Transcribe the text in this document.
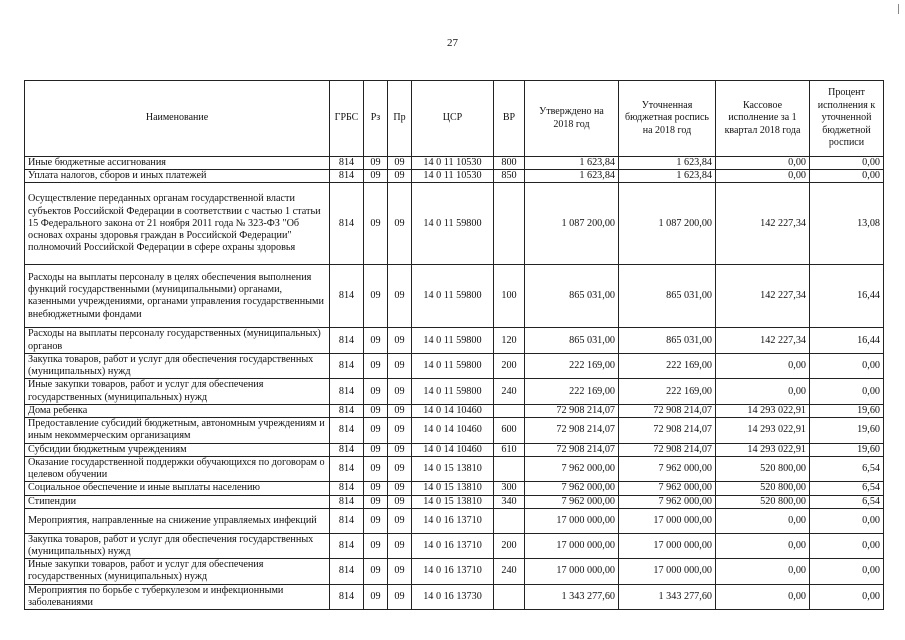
27
Наименование	ГРБС	Рз	Пр	ЦСР	ВР	Утверждено на 2018 год	Уточненная бюджетная роспись на 2018 год	Кассовое исполнение за 1 квартал 2018 года	Процент исполнения к уточненной бюджетной росписи
Иные бюджетные ассигнования	814	09	09	14 0 11 10530	800	1 623,84	1 623,84	0,00	0,00
Уплата налогов, сборов и иных платежей	814	09	09	14 0 11 10530	850	1 623,84	1 623,84	0,00	0,00
Осуществление переданных органам государственной власти субъектов Российской Федерации в соответствии с частью 1 статьи 15 Федерального закона от 21 ноября 2011 года № 323-ФЗ "Об основах охраны здоровья граждан в Российской Федерации" полномочий Российской Федерации в сфере охраны здоровья	814	09	09	14 0 11 59800		1 087 200,00	1 087 200,00	142 227,34	13,08
Расходы на выплаты персоналу в целях обеспечения выполнения функций государственными (муниципальными) органами, казенными учреждениями, органами управления государственными внебюджетными фондами	814	09	09	14 0 11 59800	100	865 031,00	865 031,00	142 227,34	16,44
Расходы на выплаты персоналу государственных (муниципальных) органов	814	09	09	14 0 11 59800	120	865 031,00	865 031,00	142 227,34	16,44
Закупка товаров, работ и услуг для обеспечения государственных (муниципальных) нужд	814	09	09	14 0 11 59800	200	222 169,00	222 169,00	0,00	0,00
Иные закупки товаров, работ и услуг для обеспечения государственных (муниципальных) нужд	814	09	09	14 0 11 59800	240	222 169,00	222 169,00	0,00	0,00
Дома ребенка	814	09	09	14 0 14 10460		72 908 214,07	72 908 214,07	14 293 022,91	19,60
Предоставление субсидий бюджетным, автономным учреждениям и иным некоммерческим организациям	814	09	09	14 0 14 10460	600	72 908 214,07	72 908 214,07	14 293 022,91	19,60
Субсидии бюджетным учреждениям	814	09	09	14 0 14 10460	610	72 908 214,07	72 908 214,07	14 293 022,91	19,60
Оказание государственной поддержки обучающихся по договорам о целевом обучении	814	09	09	14 0 15 13810		7 962 000,00	7 962 000,00	520 800,00	6,54
Социальное обеспечение и иные выплаты населению	814	09	09	14 0 15 13810	300	7 962 000,00	7 962 000,00	520 800,00	6,54
Стипендии	814	09	09	14 0 15 13810	340	7 962 000,00	7 962 000,00	520 800,00	6,54
Мероприятия, направленные на снижение управляемых инфекций	814	09	09	14 0 16 13710		17 000 000,00	17 000 000,00	0,00	0,00
Закупка товаров, работ и услуг для обеспечения государственных (муниципальных) нужд	814	09	09	14 0 16 13710	200	17 000 000,00	17 000 000,00	0,00	0,00
Иные закупки товаров, работ и услуг для обеспечения государственных (муниципальных) нужд	814	09	09	14 0 16 13710	240	17 000 000,00	17 000 000,00	0,00	0,00
Мероприятия по борьбе с туберкулезом и инфекционными заболеваниями	814	09	09	14 0 16 13730		1 343 277,60	1 343 277,60	0,00	0,00
